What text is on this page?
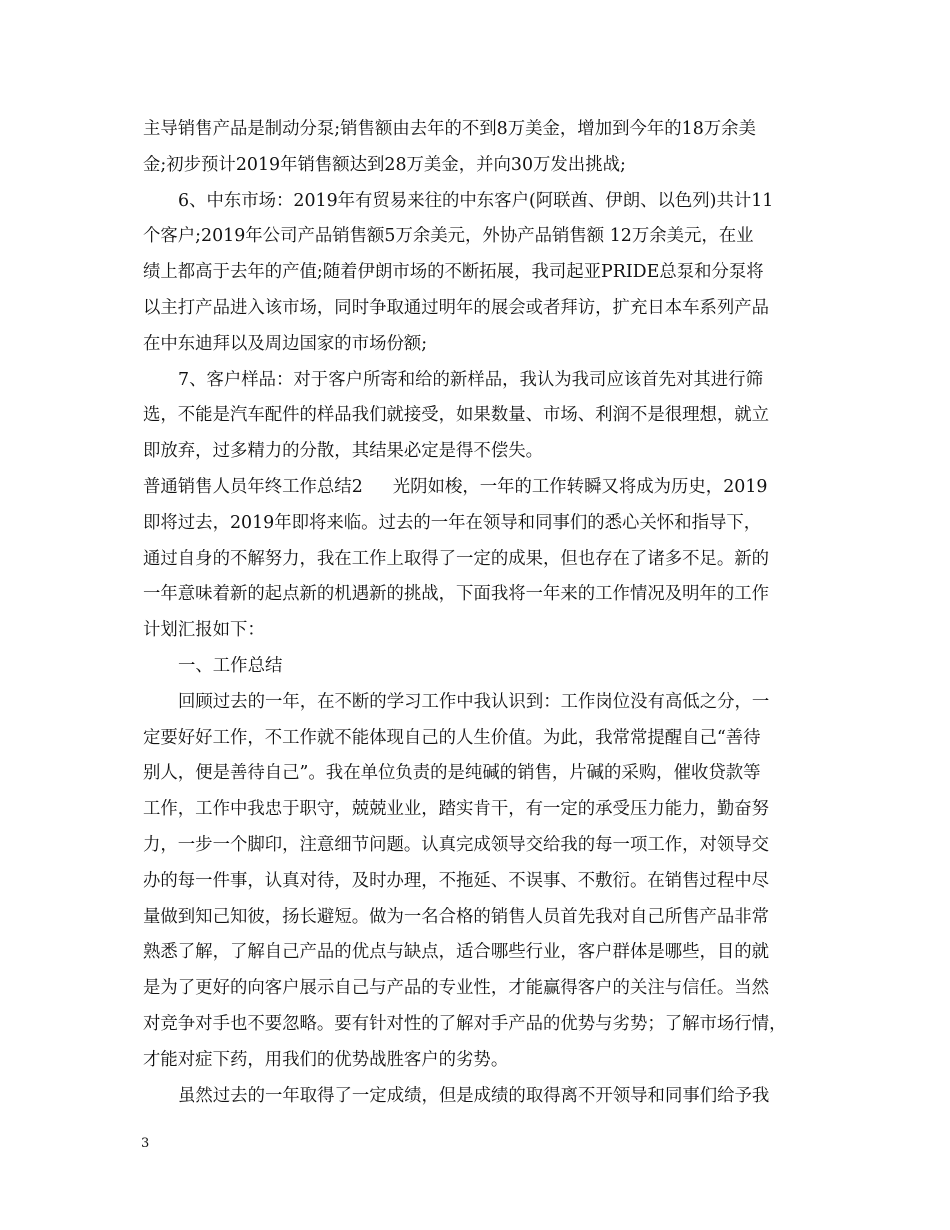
主导销售产品是制动分泵;销售额由去年的不到8万美金，增加到今年的18万余美
金;初步预计2019年销售额达到28万美金，并向30万发出挑战;
6、中东市场：2019年有贸易来往的中东客户(阿联酋、伊朗、以色列)共计11
个客户;2019年公司产品销售额5万余美元，外协产品销售额 12万余美元，在业
绩上都高于去年的产值;随着伊朗市场的不断拓展，我司起亚PRIDE总泵和分泵将
以主打产品进入该市场，同时争取通过明年的展会或者拜访，扩充日本车系列产品
在中东迪拜以及周边国家的市场份额;
7、客户样品：对于客户所寄和给的新样品，我认为我司应该首先对其进行筛
选，不能是汽车配件的样品我们就接受，如果数量、市场、利润不是很理想，就立
即放弃，过多精力的分散，其结果必定是得不偿失。
普通销售人员年终工作总结2 光阴如梭，一年的工作转瞬又将成为历史，2019
即将过去，2019年即将来临。过去的一年在领导和同事们的悉心关怀和指导下，
通过自身的不解努力，我在工作上取得了一定的成果，但也存在了诸多不足。新的
一年意味着新的起点新的机遇新的挑战，下面我将一年来的工作情况及明年的工作
计划汇报如下：
一、工作总结
回顾过去的一年，在不断的学习工作中我认识到：工作岗位没有高低之分，一
定要好好工作，不工作就不能体现自己的人生价值。为此，我常常提醒自己“善待
别人，便是善待自己”。我在单位负责的是纯碱的销售，片碱的采购，催收贷款等
工作，工作中我忠于职守，兢兢业业，踏实肯干，有一定的承受压力能力，勤奋努
力，一步一个脚印，注意细节问题。认真完成领导交给我的每一项工作，对领导交
办的每一件事，认真对待，及时办理，不拖延、不误事、不敷衍。在销售过程中尽
量做到知己知彼，扬长避短。做为一名合格的销售人员首先我对自己所售产品非常
熟悉了解，了解自己产品的优点与缺点，适合哪些行业，客户群体是哪些，目的就
是为了更好的向客户展示自己与产品的专业性，才能赢得客户的关注与信任。当然
对竞争对手也不要忽略。要有针对性的了解对手产品的优势与劣势；了解市场行情，
才能对症下药，用我们的优势战胜客户的劣势。
虽然过去的一年取得了一定成绩，但是成绩的取得离不开领导和同事们给予我
3
